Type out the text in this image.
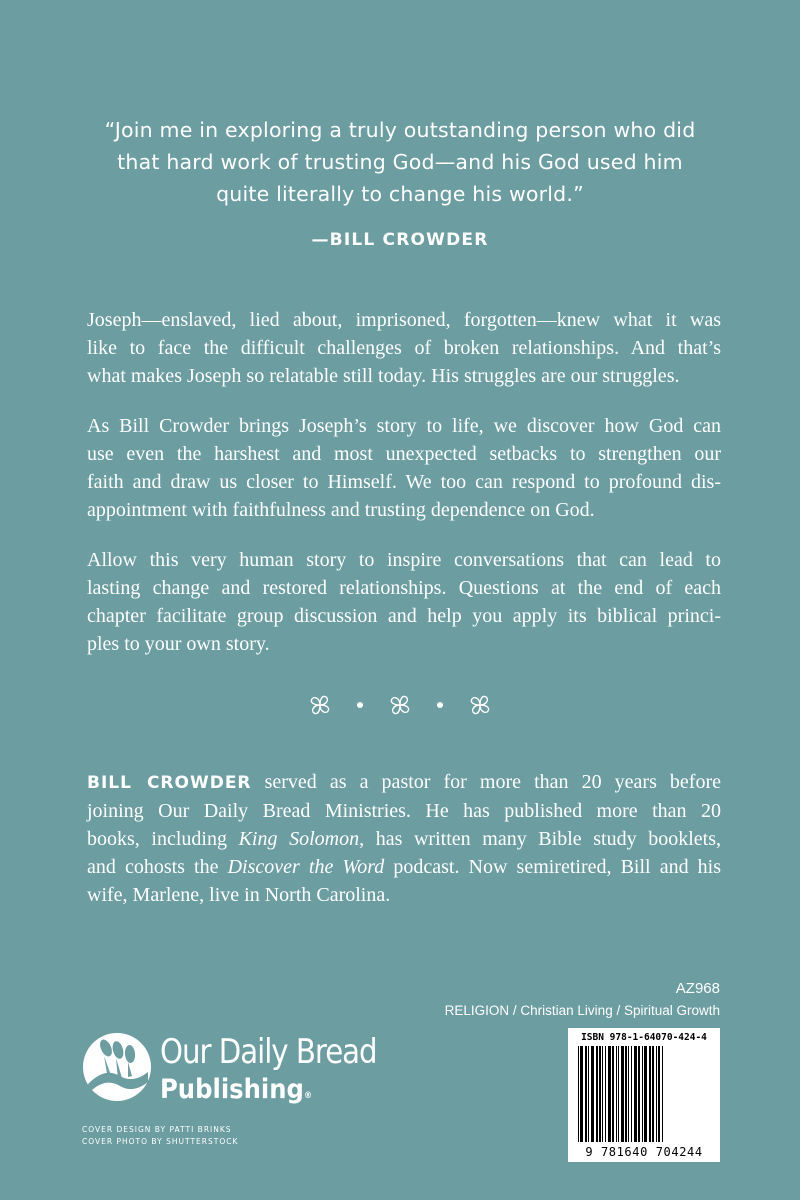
“Join me in exploring a truly outstanding person who did
that hard work of trusting God—and his God used him
quite literally to change his world.”
—BILL CROWDER

Joseph—enslaved, lied about, imprisoned, forgotten—knew what it was
like to face the difficult challenges of broken relationships. And that’s
what makes Joseph so relatable still today. His struggles are our struggles.

As Bill Crowder brings Joseph’s story to life, we discover how God can
use even the harshest and most unexpected setbacks to strengthen our
faith and draw us closer to Himself. We too can respond to profound dis-
appointment with faithfulness and trusting dependence on God.

Allow this very human story to inspire conversations that can lead to
lasting change and restored relationships. Questions at the end of each
chapter facilitate group discussion and help you apply its biblical princi-
ples to your own story.

BILL CROWDER served as a pastor for more than 20 years before
joining Our Daily Bread Ministries. He has published more than 20
books, including King Solomon, has written many Bible study booklets,
and cohosts the Discover the Word podcast. Now semiretired, Bill and his
wife, Marlene, live in North Carolina.
AZ968
RELIGION / Christian Living / Spiritual Growth
ISBN 978-1-64070-424-4
9 781640 704244
Our Daily Bread
Publishing®
COVER DESIGN BY PATTI BRINKS
COVER PHOTO BY SHUTTERSTOCK
